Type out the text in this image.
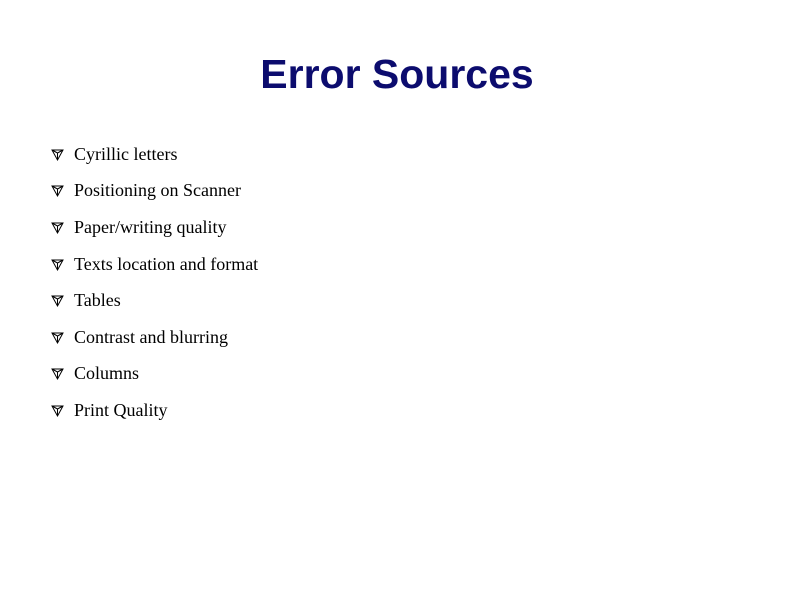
Error Sources
Cyrillic letters
Positioning on Scanner
Paper/writing quality
Texts location and format
Tables
Contrast and blurring
Columns
Print Quality
